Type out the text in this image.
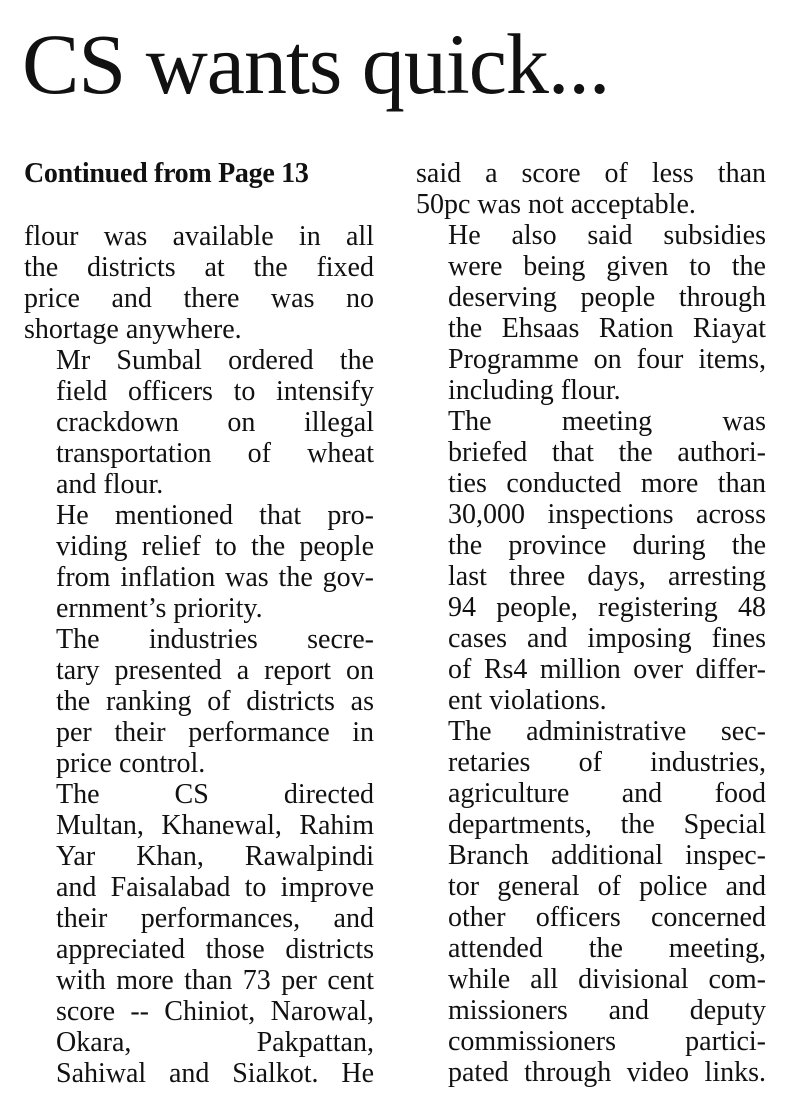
CS wants quick...

Continued from Page 13

flour was available in all
the districts at the fixed
price and there was no
shortage anywhere.

Mr Sumbal ordered the
field officers to intensify
crackdown on illegal
transportation of wheat
and flour.

He mentioned that pro-
viding relief to the people
from inflation was the gov-
ernment’s priority.

The industries secre-
tary presented a report on
the ranking of districts as
per their performance in
price control.

The CS directed
Multan, Khanewal, Rahim
Yar Khan, Rawalpindi
and Faisalabad to improve
their performances, and
appreciated those districts
with more than 73 per cent
score -- Chiniot, Narowal,
Okara, Pakpattan,
Sahiwal and Sialkot. He

said a score of less than
50pc was not acceptable.

He also said subsidies
were being given to the
deserving people through
the Ehsaas Ration Riayat
Programme on four items,
including flour.

The meeting was
briefed that the authori-
ties conducted more than
30,000 inspections across
the province during the
last three days, arresting
94 people, registering 48
cases and imposing fines
of Rs4 million over differ-
ent violations.

The administrative sec-
retaries of industries,
agriculture and food
departments, the Special
Branch additional inspec-
tor general of police and
other officers concerned
attended the meeting,
while all divisional com-
missioners and deputy
commissioners partici-
pated through video links.
